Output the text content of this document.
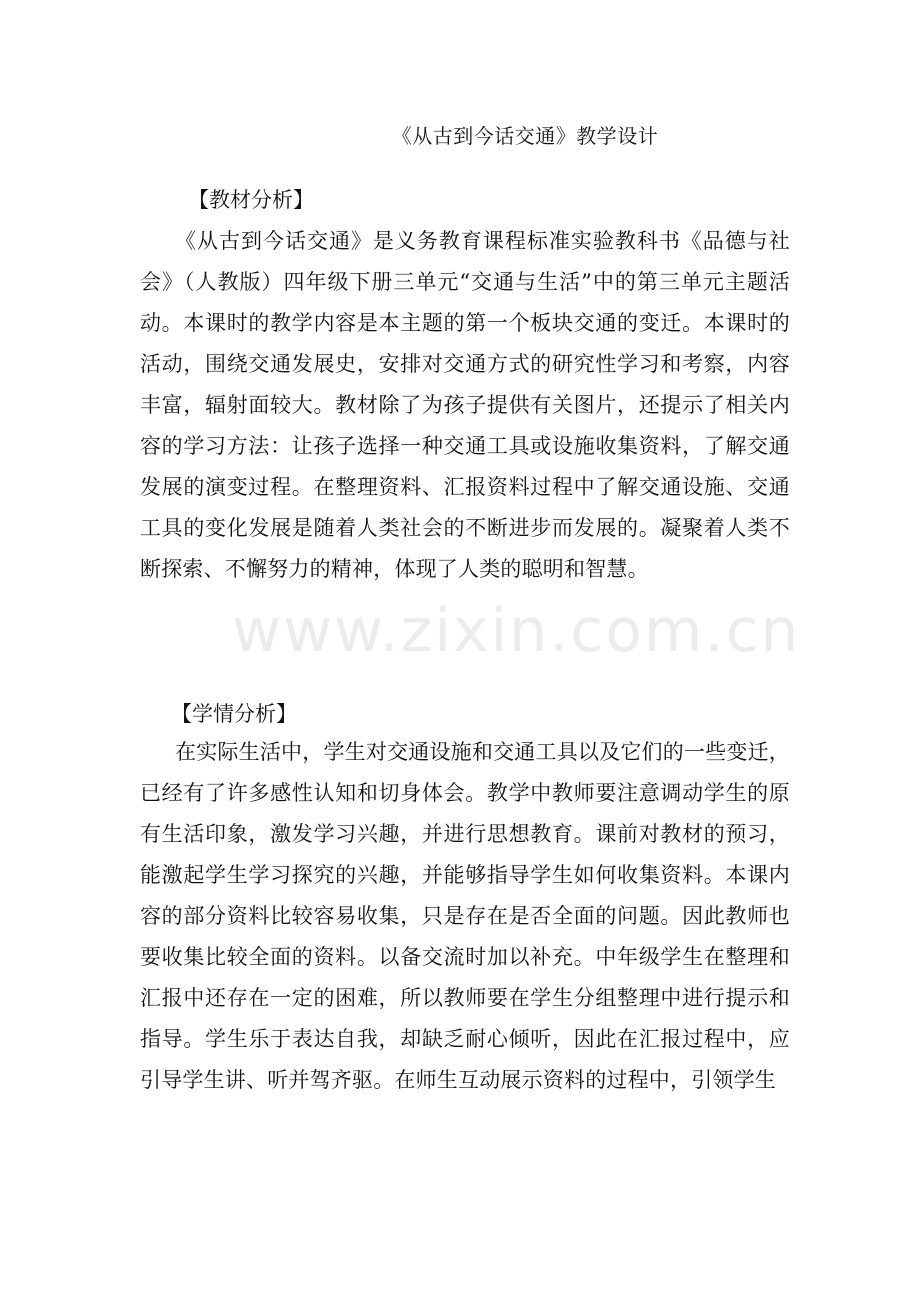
www.zixin.com.cn
《从古到今话交通》教学设计
【教材分析】
《从古到今话交通》是义务教育课程标准实验教科书《品德与社会》（人教版）四年级下册三单元“交通与生活”中的第三单元主题活动。本课时的教学内容是本主题的第一个板块交通的变迁。本课时的活动，围绕交通发展史，安排对交通方式的研究性学习和考察，内容丰富，辐射面较大。教材除了为孩子提供有关图片，还提示了相关内容的学习方法：让孩子选择一种交通工具或设施收集资料，了解交通发展的演变过程。在整理资料、汇报资料过程中了解交通设施、交通工具的变化发展是随着人类社会的不断进步而发展的。凝聚着人类不断探索、不懈努力的精神，体现了人类的聪明和智慧。
【学情分析】
在实际生活中，学生对交通设施和交通工具以及它们的一些变迁，已经有了许多感性认知和切身体会。教学中教师要注意调动学生的原有生活印象，激发学习兴趣，并进行思想教育。课前对教材的预习，能激起学生学习探究的兴趣，并能够指导学生如何收集资料。本课内容的部分资料比较容易收集，只是存在是否全面的问题。因此教师也要收集比较全面的资料。以备交流时加以补充。中年级学生在整理和汇报中还存在一定的困难，所以教师要在学生分组整理中进行提示和指导。学生乐于表达自我，却缺乏耐心倾听，因此在汇报过程中，应引导学生讲、听并驾齐驱。在师生互动展示资料的过程中，引领学生
